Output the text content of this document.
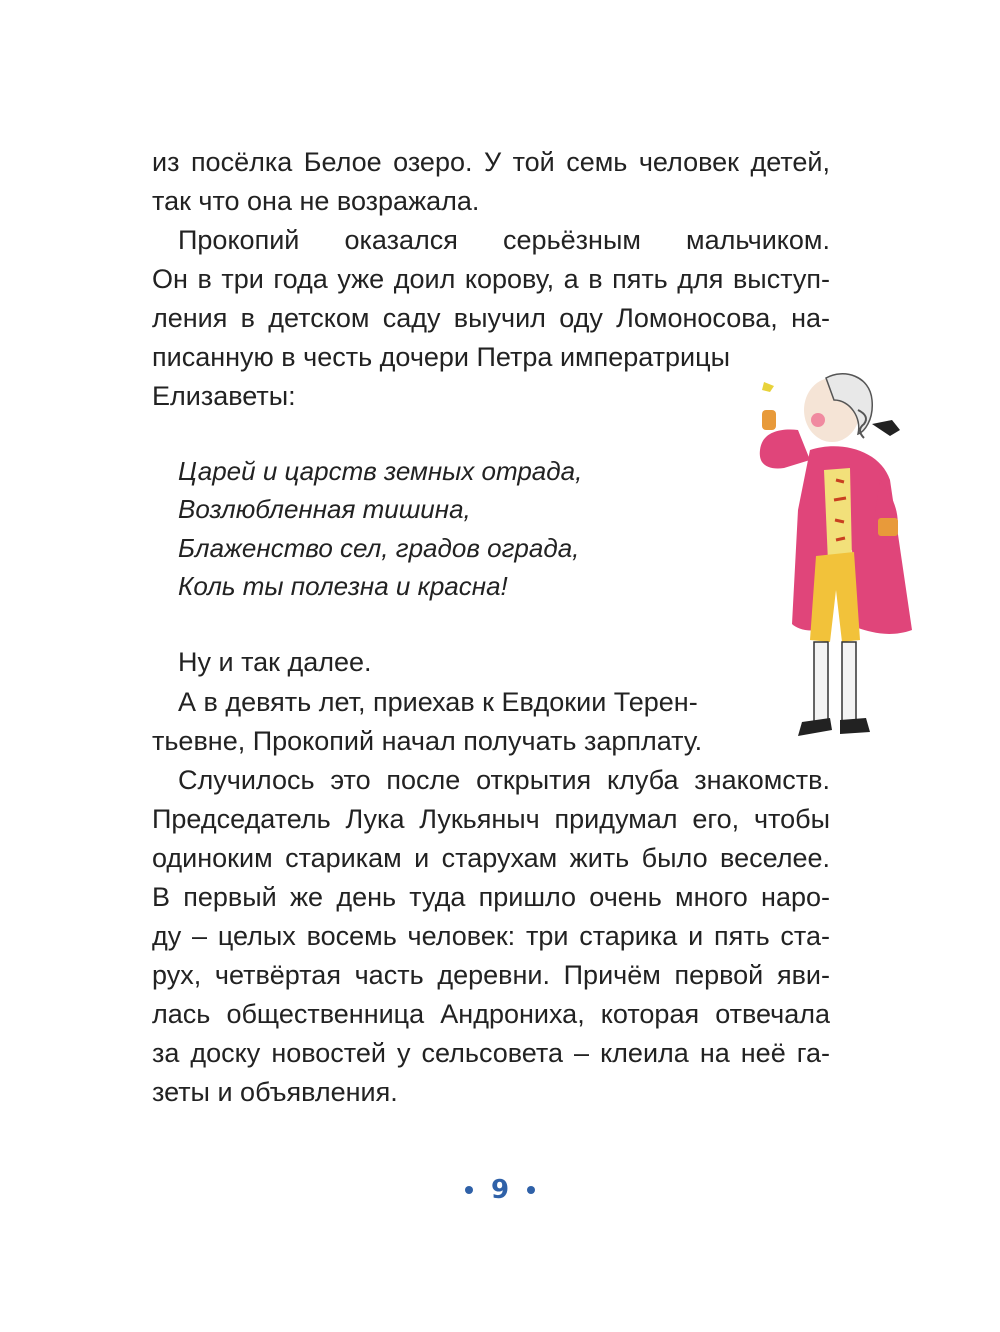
из посёлка Белое озеро. У той семь человек детей,
так что она не возражала.
Прокопий оказался серьёзным мальчиком.
Он в три года уже доил корову, а в пять для выступ-
ления в детском саду выучил оду Ломоносова, на-
писанную в честь дочери Петра императрицы
Елизаветы:
Царей и царств земных отрада,
Возлюбленная тишина,
Блаженство сел, градов ограда,
Коль ты полезна и красна!
Ну и так далее.
А в девять лет, приехав к Евдокии Терен-
тьевне, Прокопий начал получать зарплату.
Случилось это после открытия клуба знакомств.
Председатель Лука Лукьяныч придумал его, чтобы
одиноким старикам и старухам жить было веселее.
В первый же день туда пришло очень много наро-
ду – целых восемь человек: три старика и пять ста-
рух, четвёртая часть деревни. Причём первой яви-
лась общественница Андрониха, которая отвечала
за доску новостей у сельсовета – клеила на неё га-
зеты и объявления.
9
